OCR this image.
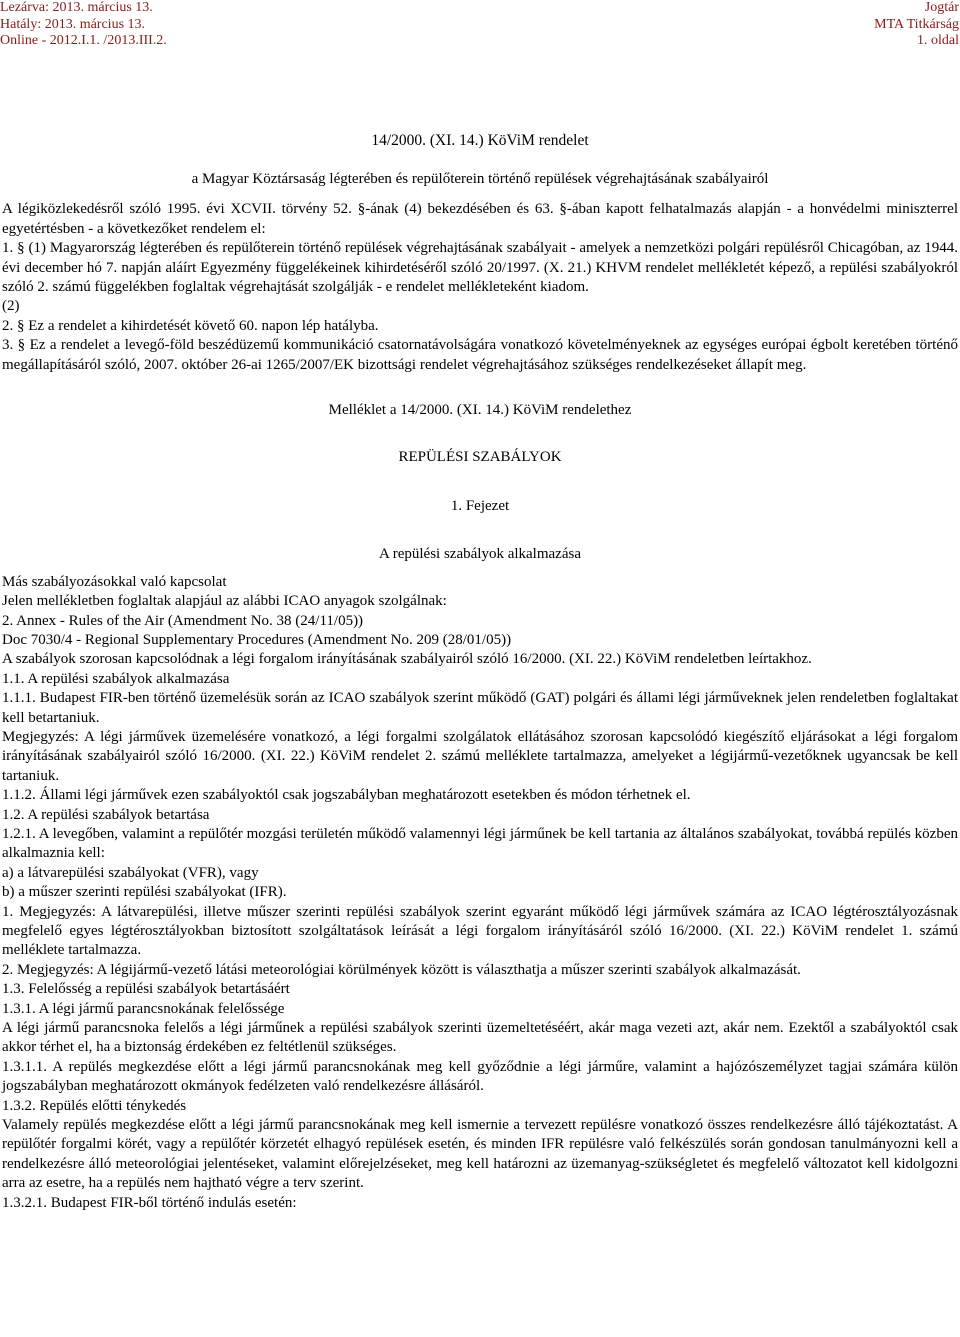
Lezárva: 2013. március 13.
Hatály: 2013. március 13.
Online - 2012.I.1. /2013.III.2.
Jogtár
MTA Titkárság
1. oldal

14/2000. (XI. 14.) KöViM rendelet

a Magyar Köztársaság légterében és repülőterein történő repülések végrehajtásának szabályairól

A légiközlekedésről szóló 1995. évi XCVII. törvény 52. §-ának (4) bekezdésében és 63. §-ában kapott felhatalmazás alapján - a honvédelmi miniszterrel egyetértésben - a következőket rendelem el:

1. § (1) Magyarország légterében és repülőterein történő repülések végrehajtásának szabályait - amelyek a nemzetközi polgári repülésről Chicagóban, az 1944. évi december hó 7. napján aláírt Egyezmény függelékeinek kihirdetéséről szóló 20/1997. (X. 21.) KHVM rendelet mellékletét képező, a repülési szabályokról szóló 2. számú függelékben foglaltak végrehajtását szolgálják - e rendelet mellékleteként kiadom.

(2)

2. § Ez a rendelet a kihirdetését követő 60. napon lép hatályba.

3. § Ez a rendelet a levegő-föld beszédüzemű kommunikáció csatornatávolságára vonatkozó követelményeknek az egységes európai égbolt keretében történő megállapításáról szóló, 2007. október 26-ai 1265/2007/EK bizottsági rendelet végrehajtásához szükséges rendelkezéseket állapít meg.

Melléklet a 14/2000. (XI. 14.) KöViM rendelethez

REPÜLÉSI SZABÁLYOK

1. Fejezet

A repülési szabályok alkalmazása

Más szabályozásokkal való kapcsolat

Jelen mellékletben foglaltak alapjául az alábbi ICAO anyagok szolgálnak:

2. Annex - Rules of the Air (Amendment No. 38 (24/11/05))

Doc 7030/4 - Regional Supplementary Procedures (Amendment No. 209 (28/01/05))

A szabályok szorosan kapcsolódnak a légi forgalom irányításának szabályairól szóló 16/2000. (XI. 22.) KöViM rendeletben leírtakhoz.

1.1. A repülési szabályok alkalmazása

1.1.1. Budapest FIR-ben történő üzemelésük során az ICAO szabályok szerint működő (GAT) polgári és állami légi járműveknek jelen rendeletben foglaltakat kell betartaniuk.

Megjegyzés: A légi járművek üzemelésére vonatkozó, a légi forgalmi szolgálatok ellátásához szorosan kapcsolódó kiegészítő eljárásokat a légi forgalom irányításának szabályairól szóló 16/2000. (XI. 22.) KöViM rendelet 2. számú melléklete tartalmazza, amelyeket a légijármű-vezetőknek ugyancsak be kell tartaniuk.

1.1.2. Állami légi járművek ezen szabályoktól csak jogszabályban meghatározott esetekben és módon térhetnek el.

1.2. A repülési szabályok betartása

1.2.1. A levegőben, valamint a repülőtér mozgási területén működő valamennyi légi járműnek be kell tartania az általános szabályokat, továbbá repülés közben alkalmaznia kell:

a) a látvarepülési szabályokat (VFR), vagy

b) a műszer szerinti repülési szabályokat (IFR).

1. Megjegyzés: A látvarepülési, illetve műszer szerinti repülési szabályok szerint egyaránt működő légi járművek számára az ICAO légtérosztályozásnak megfelelő egyes légtérosztályokban biztosított szolgáltatások leírását a légi forgalom irányításáról szóló 16/2000. (XI. 22.) KöViM rendelet 1. számú melléklete tartalmazza.

2. Megjegyzés: A légijármű-vezető látási meteorológiai körülmények között is választhatja a műszer szerinti szabályok alkalmazását.

1.3. Felelősség a repülési szabályok betartásáért

1.3.1. A légi jármű parancsnokának felelőssége

A légi jármű parancsnoka felelős a légi járműnek a repülési szabályok szerinti üzemeltetéséért, akár maga vezeti azt, akár nem. Ezektől a szabályoktól csak akkor térhet el, ha a biztonság érdekében ez feltétlenül szükséges.

1.3.1.1. A repülés megkezdése előtt a légi jármű parancsnokának meg kell győződnie a légi járműre, valamint a hajózószemélyzet tagjai számára külön jogszabályban meghatározott okmányok fedélzeten való rendelkezésre állásáról.

1.3.2. Repülés előtti ténykedés

Valamely repülés megkezdése előtt a légi jármű parancsnokának meg kell ismernie a tervezett repülésre vonatkozó összes rendelkezésre álló tájékoztatást. A repülőtér forgalmi körét, vagy a repülőtér körzetét elhagyó repülések esetén, és minden IFR repülésre való felkészülés során gondosan tanulmányozni kell a rendelkezésre álló meteorológiai jelentéseket, valamint előrejelzéseket, meg kell határozni az üzemanyag-szükségletet és megfelelő változatot kell kidolgozni arra az esetre, ha a repülés nem hajtható végre a terv szerint.

1.3.2.1. Budapest FIR-ből történő indulás esetén:
